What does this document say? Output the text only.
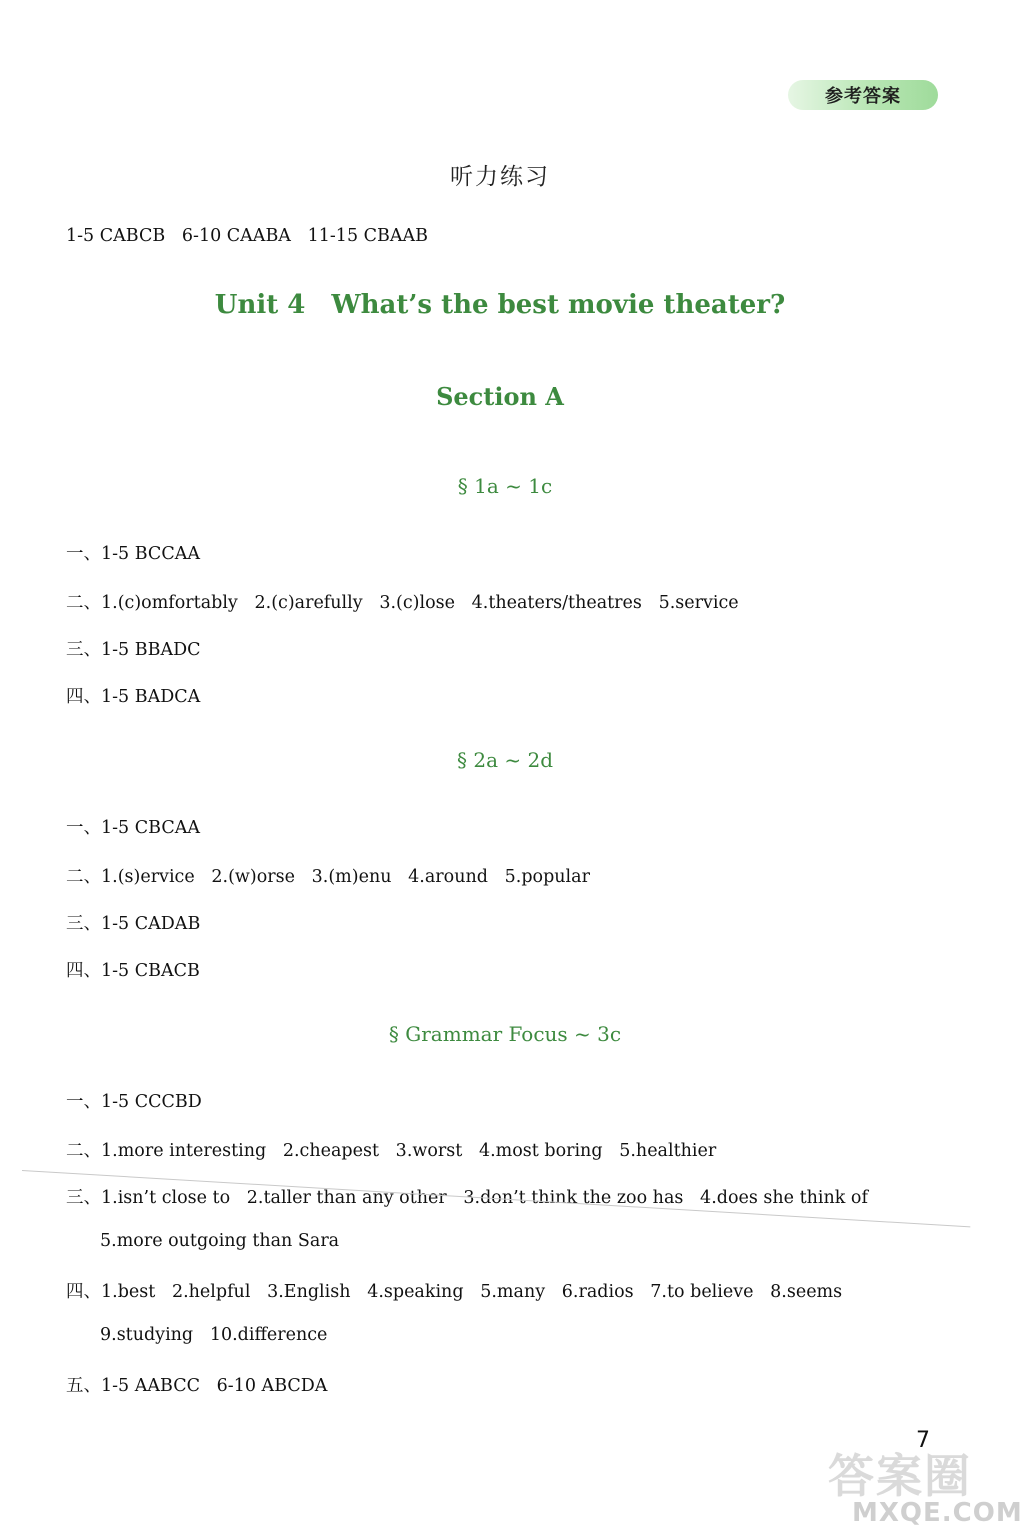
参考答案
听力练习
1-5 CABCB   6-10 CAABA   11-15 CBAAB
Unit 4 What’s the best movie theater?
Section A
§ 1a ~ 1c
一、1-5 BCCAA
二、1.(c)omfortably   2.(c)arefully   3.(c)lose   4.theaters/theatres   5.service
三、1-5 BBADC
四、1-5 BADCA
§ 2a ~ 2d
一、1-5 CBCAA
二、1.(s)ervice   2.(w)orse   3.(m)enu   4.around   5.popular
三、1-5 CADAB
四、1-5 CBACB
§ Grammar Focus ~ 3c
一、1-5 CCCBD
二、1.more interesting   2.cheapest   3.worst   4.most boring   5.healthier
三、1.isn’t close to   2.taller than any other   3.don’t think the zoo has   4.does she think of
5.more outgoing than Sara
四、1.best   2.helpful   3.English   4.speaking   5.many   6.radios   7.to believe   8.seems
9.studying   10.difference
五、1-5 AABCC   6-10 ABCDA
7
答案圈
MXQE.COM
